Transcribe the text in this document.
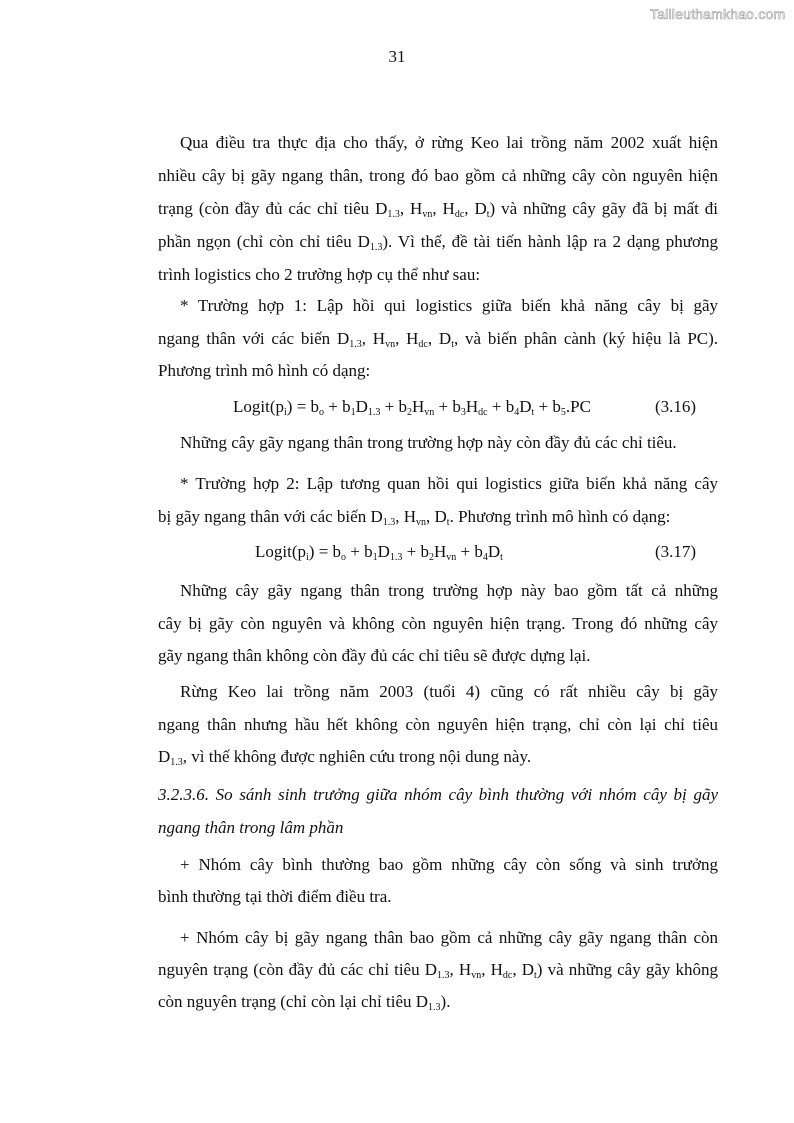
Tailieuthamkhao.com
31
Qua điều tra thực địa cho thấy, ở rừng Keo lai trồng năm 2002 xuất hiện
nhiều cây bị gãy ngang thân, trong đó bao gồm cả những cây còn nguyên hiện
trạng (còn đầy đủ các chỉ tiêu $D_{1.3}$, $H_{vn}$, $H_{dc}$, $D_t$) và những cây gãy đã bị mất đi
phần ngọn (chỉ còn chỉ tiêu $D_{1.3}$). Vì thế, đề tài tiến hành lập ra 2 dạng phương
trình logistics cho 2 trường hợp cụ thể như sau:
* Trường hợp 1: Lập hồi qui logistics giữa biến khả năng cây bị gãy
ngang thân với các biến $D_{1.3}$, $H_{vn}$, $H_{dc}$, $D_t$, và biến phân cành (ký hiệu là PC).
Phương trình mô hình có dạng:
$Logit(p_i) = b_o + b_1D_{1.3} + b_2H_{vn} + b_3H_{dc} + b_4D_t + b_5.PC$
Những cây gãy ngang thân trong trường hợp này còn đầy đủ các chỉ tiêu.
* Trường hợp 2: Lập tương quan hồi qui logistics giữa biến khả năng cây
bị gãy ngang thân với các biến $D_{1.3}$, $H_{vn}$, $D_t$. Phương trình mô hình có dạng:
$Logit(p_i) = b_o + b_1D_{1.3} + b_2H_{vn} + b_4D_t$
Những cây gãy ngang thân trong trường hợp này bao gồm tất cả những
cây bị gãy còn nguyên và không còn nguyên hiện trạng. Trong đó những cây
gãy ngang thân không còn đầy đủ các chỉ tiêu sẽ được dựng lại.
Rừng Keo lai trồng năm 2003 (tuổi 4) cũng có rất nhiều cây bị gãy
ngang thân nhưng hầu hết không còn nguyên hiện trạng, chỉ còn lại chỉ tiêu
$D_{1.3}$, vì thế không được nghiên cứu trong nội dung này.
3.2.3.6. So sánh sinh trưởng giữa nhóm cây bình thường với nhóm cây bị gãy
ngang thân trong lâm phần
+ Nhóm cây bình thường bao gồm những cây còn sống và sinh trưởng
bình thường tại thời điểm điều tra.
+ Nhóm cây bị gãy ngang thân bao gồm cả những cây gãy ngang thân còn
nguyên trạng (còn đầy đủ các chỉ tiêu $D_{1.3}$, $H_{vn}$, $H_{dc}$, $D_t$) và những cây gãy không
còn nguyên trạng (chỉ còn lại chỉ tiêu $D_{1.3}$).
(3.16)
(3.17)
